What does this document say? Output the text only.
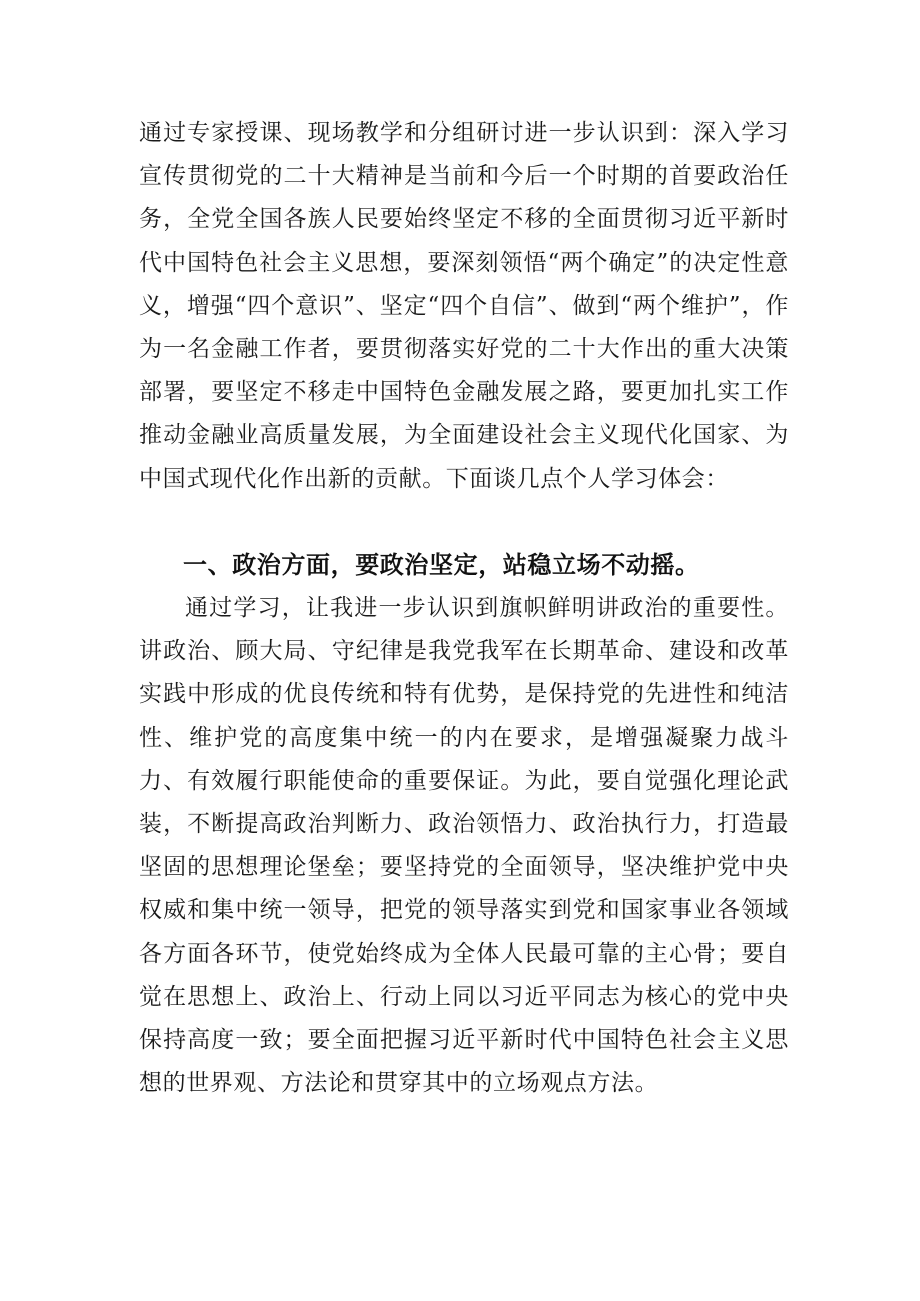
通过专家授课、现场教学和分组研讨进一步认识到：深入学习宣传贯彻党的二十大精神是当前和今后一个时期的首要政治任务，全党全国各族人民要始终坚定不移的全面贯彻习近平新时代中国特色社会主义思想，要深刻领悟“两个确定”的决定性意义，增强“四个意识”、坚定“四个自信”、做到“两个维护”，作为一名金融工作者，要贯彻落实好党的二十大作出的重大决策部署，要坚定不移走中国特色金融发展之路，要更加扎实工作推动金融业高质量发展，为全面建设社会主义现代化国家、为中国式现代化作出新的贡献。下面谈几点个人学习体会：

一、政治方面，要政治坚定，站稳立场不动摇。

通过学习，让我进一步认识到旗帜鲜明讲政治的重要性。讲政治、顾大局、守纪律是我党我军在长期革命、建设和改革实践中形成的优良传统和特有优势，是保持党的先进性和纯洁性、维护党的高度集中统一的内在要求，是增强凝聚力战斗力、有效履行职能使命的重要保证。为此，要自觉强化理论武装，不断提高政治判断力、政治领悟力、政治执行力，打造最坚固的思想理论堡垒；要坚持党的全面领导，坚决维护党中央权威和集中统一领导，把党的领导落实到党和国家事业各领域各方面各环节，使党始终成为全体人民最可靠的主心骨；要自觉在思想上、政治上、行动上同以习近平同志为核心的党中央保持高度一致；要全面把握习近平新时代中国特色社会主义思想的世界观、方法论和贯穿其中的立场观点方法。
